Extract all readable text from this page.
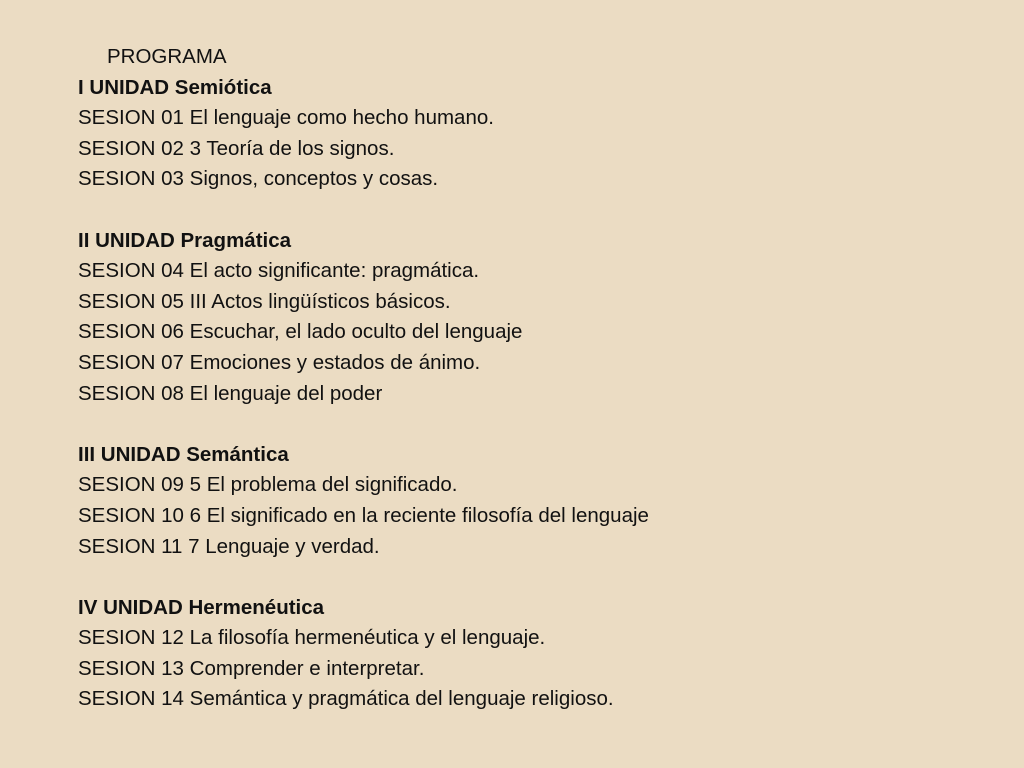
PROGRAMA
I UNIDAD Semiótica
SESION 01 El lenguaje como hecho humano.
SESION 02 3 Teoría de los signos.
SESION 03 Signos, conceptos y cosas.
II UNIDAD Pragmática
SESION 04 El acto significante: pragmática.
SESION 05 III Actos lingüísticos básicos.
SESION 06 Escuchar, el lado oculto del lenguaje
SESION 07 Emociones y estados de ánimo.
SESION 08 El lenguaje del poder
III UNIDAD Semántica
SESION 09 5 El problema del significado.
SESION 10 6 El significado en la reciente filosofía del lenguaje
SESION 11 7 Lenguaje y verdad.
IV UNIDAD Hermenéutica
SESION 12 La filosofía hermenéutica y el lenguaje.
SESION 13 Comprender e interpretar.
SESION 14 Semántica y pragmática del lenguaje religioso.
